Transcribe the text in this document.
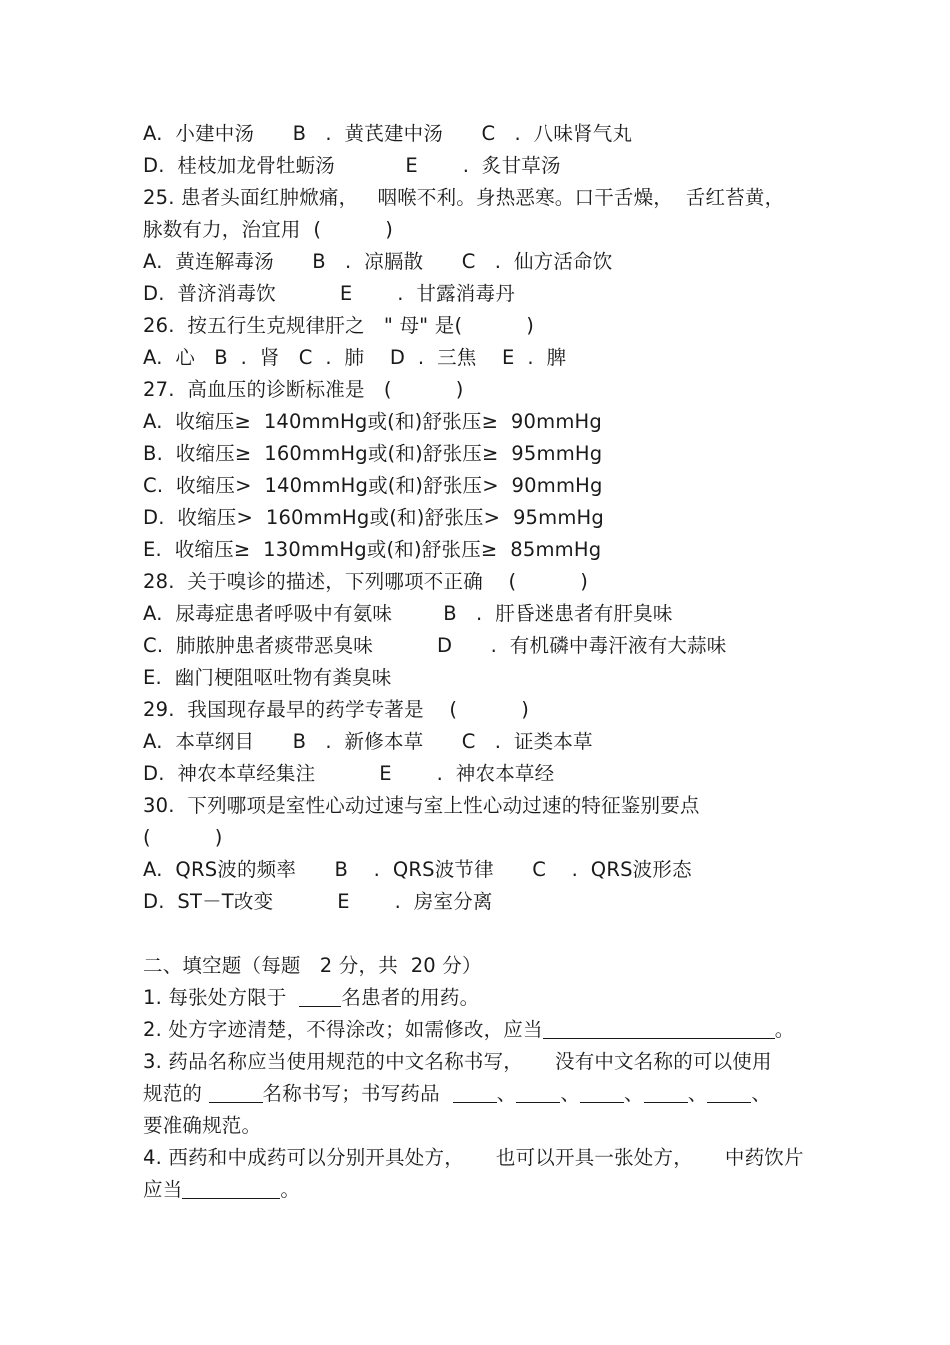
A.  小建中汤      B   .  黄芪建中汤      C   .  八味肾气丸
D.  桂枝加龙骨牡蛎汤           E       .  炙甘草汤
25. 患者头面红肿焮痛，   咽喉不利。身热恶寒。口干舌燥，  舌红苔黄，
脉数有力，治宜用  (          )
A.  黄连解毒汤      B   .  凉膈散      C   .  仙方活命饮
D.  普济消毒饮          E       .  甘露消毒丹
26.  按五行生克规律肝之   " 母" 是(          )
A.  心   B  .  肾   C  .  肺    D  .  三焦    E  .  脾
27.  高血压的诊断标准是   (          )
A.  收缩压≥  140mmHg或(和)舒张压≥  90mmHg
B.  收缩压≥  160mmHg或(和)舒张压≥  95mmHg
C.  收缩压>  140mmHg或(和)舒张压>  90mmHg
D.  收缩压>  160mmHg或(和)舒张压>  95mmHg
E.  收缩压≥  130mmHg或(和)舒张压≥  85mmHg
28.  关于嗅诊的描述，下列哪项不正确    (          )
A.  尿毒症患者呼吸中有氨味        B   .  肝昏迷患者有肝臭味
C.  肺脓肿患者痰带恶臭味          D      .  有机磷中毒汗液有大蒜味
E.  幽门梗阻呕吐物有粪臭味
29.  我国现存最早的药学专著是    (          )
A.  本草纲目      B   .  新修本草      C   .  证类本草
D.  神农本草经集注          E       .  神农本草经
30.  下列哪项是室性心动过速与室上性心动过速的特征鉴别要点
(          )
A.  QRS波的频率      B    .  QRS波节律      C    .  QRS波形态
D.  ST－T改变          E       .  房室分离
二、填空题（每题   2 分，共  20 分）
1. 每张处方限于  名患者的用药。
2. 处方字迹清楚，不得涂改；如需修改，应当	。
3. 药品名称应当使用规范的中文名称书写，     没有中文名称的可以使用
规范的	名称书写；书写药品  、 、 、 、 、
要准确规范。
4. 西药和中成药可以分别开具处方，     也可以开具一张处方，     中药饮片
应当	。
